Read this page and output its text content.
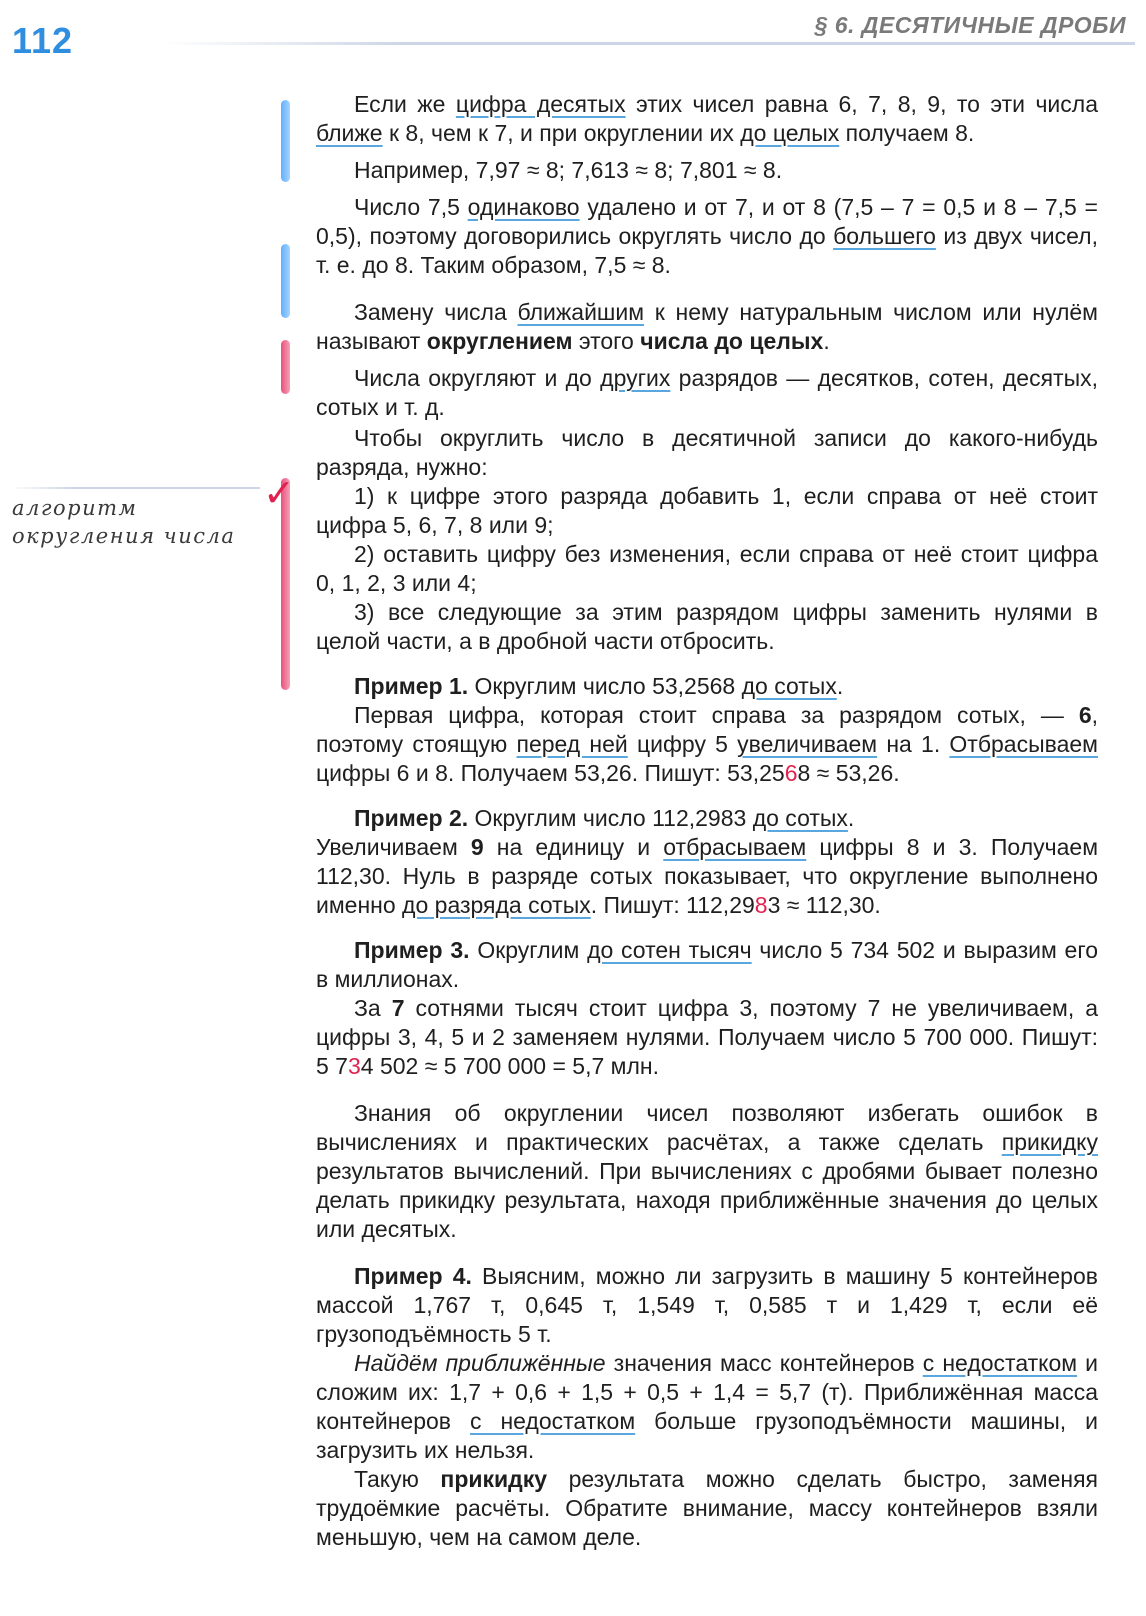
112	§ 6. ДЕСЯТИЧНЫЕ ДРОБИ
алгоритм
округления числа
✓

Если же цифра десятых этих чисел равна 6, 7, 8, 9, то эти числа ближе к 8, чем к 7, и при округлении их до целых получаем 8.

Например, 7,97 ≈ 8; 7,613 ≈ 8; 7,801 ≈ 8.

Число 7,5 одинаково удалено и от 7, и от 8 (7,5 – 7 = 0,5 и 8 – 7,5 = 0,5), поэтому договорились округлять число до большего из двух чисел, т. е. до 8. Таким образом, 7,5 ≈ 8.

Замену числа ближайшим к нему натуральным числом или нулём называют округлением этого числа до целых.

Числа округляют и до других разрядов — десятков, сотен, десятых, сотых и т. д.

Чтобы округлить число в десятичной записи до какого-нибудь разряда, нужно:

1) к цифре этого разряда добавить 1, если справа от неё стоит цифра 5, 6, 7, 8 или 9;

2) оставить цифру без изменения, если справа от неё стоит цифра 0, 1, 2, 3 или 4;

3) все следующие за этим разрядом цифры заменить нулями в целой части, а в дробной части отбросить.

Пример 1. Округлим число 53,2568 до сотых.

Первая цифра, которая стоит справа за разрядом сотых, — 6, поэтому стоящую перед ней цифру 5 увеличиваем на 1. Отбрасываем цифры 6 и 8. Получаем 53,26. Пишут: 53,2568 ≈ 53,26.

Пример 2. Округлим число 112,2983 до сотых.

Увеличиваем 9 на единицу и отбрасываем цифры 8 и 3. Получаем 112,30. Нуль в разряде сотых показывает, что округление выполнено именно до разряда сотых. Пишут: 112,2983 ≈ 112,30.

Пример 3. Округлим до сотен тысяч число 5 734 502 и выразим его в миллионах.

За 7 сотнями тысяч стоит цифра 3, поэтому 7 не увеличиваем, а цифры 3, 4, 5 и 2 заменяем нулями. Получаем число 5 700 000. Пишут: 5 734 502 ≈ 5 700 000 = 5,7 млн.

Знания об округлении чисел позволяют избегать ошибок в вычислениях и практических расчётах, а также сделать прикидку результатов вычислений. При вычислениях с дробями бывает полезно делать прикидку результата, находя приближённые значения до целых или десятых.

Пример 4. Выясним, можно ли загрузить в машину 5 контейнеров массой 1,767 т, 0,645 т, 1,549 т, 0,585 т и 1,429 т, если её грузоподъёмность 5 т.

Найдём приближённые значения масс контейнеров с недостатком и сложим их: 1,7 + 0,6 + 1,5 + 0,5 + 1,4 = 5,7 (т). Приближённая масса контейнеров с недостатком больше грузоподъёмности машины, и загрузить их нельзя.

Такую прикидку результата можно сделать быстро, заменяя трудоёмкие расчёты. Обратите внимание, массу контейнеров взяли меньшую, чем на самом деле.
